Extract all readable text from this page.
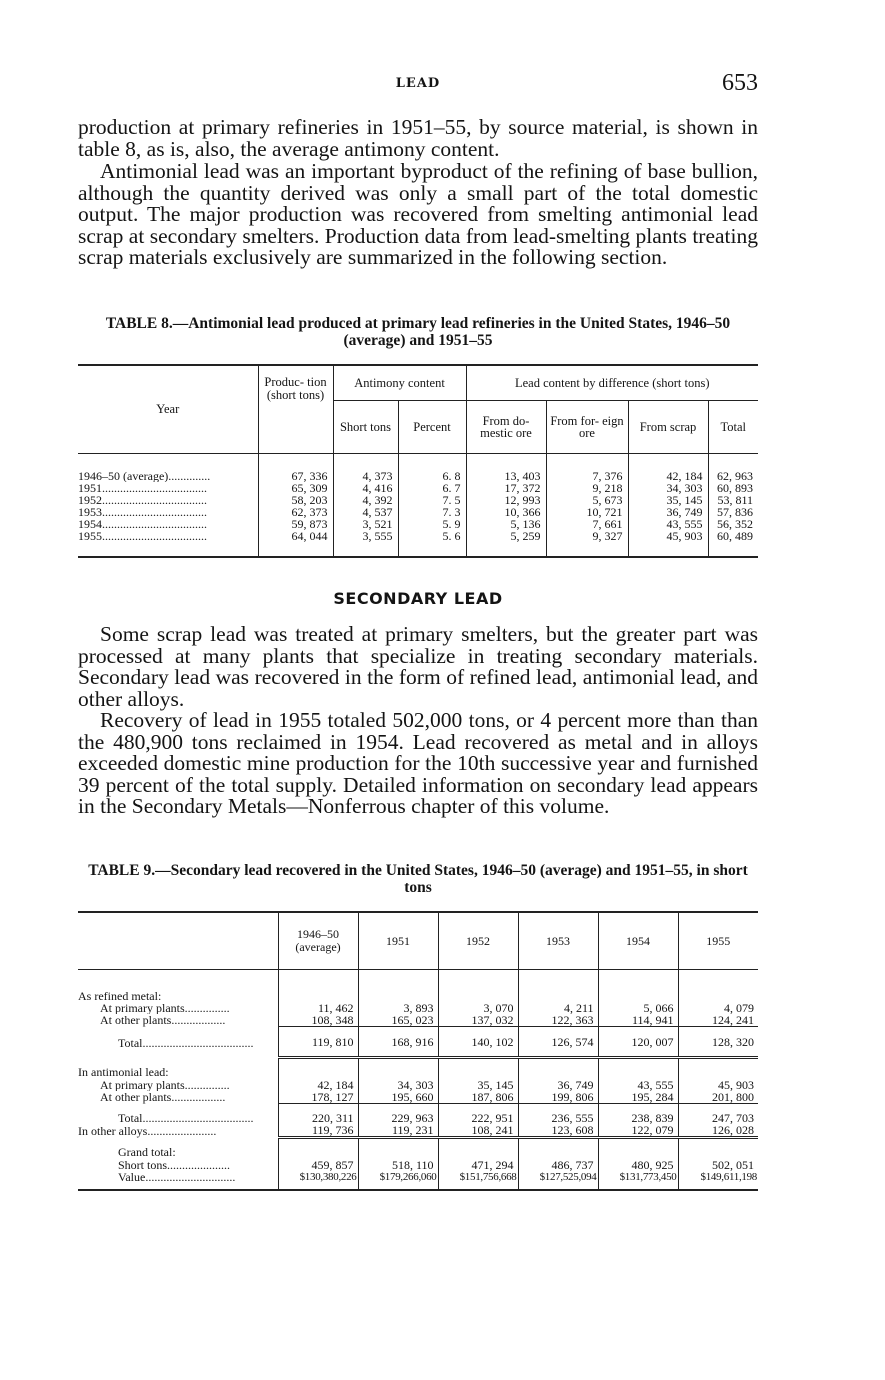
LEAD	653

production at primary refineries in 1951–55, by source material, is shown in table 8, as is, also, the average antimony content.

Antimonial lead was an important byproduct of the refining of base bullion, although the quantity derived was only a small part of the total domestic output. The major production was recovered from smelting antimonial lead scrap at secondary smelters. Production data from lead-smelting plants treating scrap materials exclusively are summarized in the following section.

TABLE 8.—Antimonial lead produced at primary lead refineries in the United States, 1946–50 (average) and 1951–55
Year	Produc- tion (short tons)	Antimony content		Lead content by difference (short tons)			
		Short tons	Percent	From do- mestic ore	From for- eign ore	From scrap	Total
1946–50 (average)..............	67, 336	4, 373	6. 8	13, 403	7, 376	42, 184	62, 963
1951...................................	65, 309	4, 416	6. 7	17, 372	9, 218	34, 303	60, 893
1952...................................	58, 203	4, 392	7. 5	12, 993	5, 673	35, 145	53, 811
1953...................................	62, 373	4, 537	7. 3	10, 366	10, 721	36, 749	57, 836
1954...................................	59, 873	3, 521	5. 9	5, 136	7, 661	43, 555	56, 352
1955...................................	64, 044	3, 555	5. 6	5, 259	9, 327	45, 903	60, 489
SECONDARY LEAD

Some scrap lead was treated at primary smelters, but the greater part was processed at many plants that specialize in treating secondary materials. Secondary lead was recovered in the form of refined lead, antimonial lead, and other alloys.

Recovery of lead in 1955 totaled 502,000 tons, or 4 percent more than than the 480,900 tons reclaimed in 1954. Lead recovered as metal and in alloys exceeded domestic mine production for the 10th successive year and furnished 39 percent of the total supply. Detailed information on secondary lead appears in the Secondary Metals—Nonferrous chapter of this volume.

TABLE 9.—Secondary lead recovered in the United States, 1946–50 (average) and 1951–55, in short tons
	1946–50 (average)	1951	1952	1953	1954	1955
As refined metal:						
At primary plants...............	11, 462	3, 893	3, 070	4, 211	5, 066	4, 079
At other plants..................	108, 348	165, 023	137, 032	122, 363	114, 941	124, 241
Total.....................................	119, 810	168, 916	140, 102	126, 574	120, 007	128, 320
In antimonial lead:						
At primary plants...............	42, 184	34, 303	35, 145	36, 749	43, 555	45, 903
At other plants..................	178, 127	195, 660	187, 806	199, 806	195, 284	201, 800
Total.....................................	220, 311	229, 963	222, 951	236, 555	238, 839	247, 703
In other alloys.......................	119, 736	119, 231	108, 241	123, 608	122, 079	126, 028
Grand total:						
Short tons.....................	459, 857	518, 110	471, 294	486, 737	480, 925	502, 051
Value..............................	$130,380,226	$179,266,060	$151,756,668	$127,525,094	$131,773,450	$149,611,198
